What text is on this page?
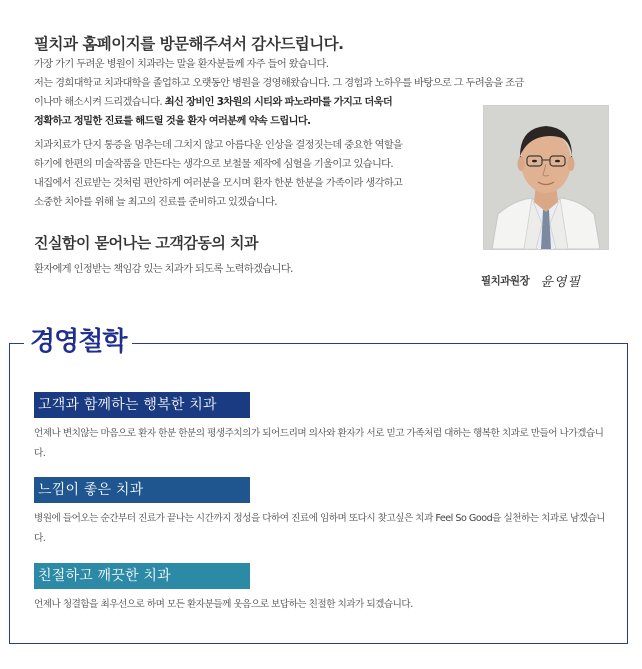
필치과 홈페이지를 방문해주셔서 감사드립니다.
가장 가기 두려운 병원이 치과라는 말을 환자분들께 자주 들어 왔습니다.
저는 경희대학교 치과대학을 졸업하고 오랫동안 병원을 경영해왔습니다. 그 경험과 노하우를 바탕으로 그 두려움을 조금
이나마 해소시켜 드리겠습니다. 최신 장비인 3차원의 시티와 파노라마를 가지고 더욱더
정확하고 정밀한 진료를 해드릴 것을 환자 여러분께 약속 드립니다.
치과치료가 단지 통증을 멈추는데 그치지 않고 아름다운 인상을 결정짓는데 중요한 역할을
하기에 한편의 미술작품을 만든다는 생각으로 보철물 제작에 심혈을 기울이고 있습니다.
내집에서 진료받는 것처럼 편안하게 여러분을 모시며 환자 한분 한분을 가족이라 생각하고
소중한 치아를 위해 늘 최고의 진료를 준비하고 있겠습니다.
진실함이 묻어나는 고객감동의 치과
환자에게 인정받는 책임감 있는 치과가 되도록 노력하겠습니다.
필치과원장 윤영필
경영철학
고객과 함께하는 행복한 치과
언제나 변치않는 마음으로 환자 한분 한분의 평생주치의가 되어드리며 의사와 환자가 서로 믿고 가족처럼 대하는 행복한 치과로 만들어 나가겠습니다.
느낌이 좋은 치과
병원에 들어오는 순간부터 진료가 끝나는 시간까지 정성을 다하여 진료에 임하며 또다시 찾고싶은 치과 Feel So Good을 실천하는 치과로 남겠습니다.
친절하고 깨끗한 치과
언제나 청결함을 최우선으로 하며 모든 환자분들께 웃음으로 보답하는 친절한 치과가 되겠습니다.
